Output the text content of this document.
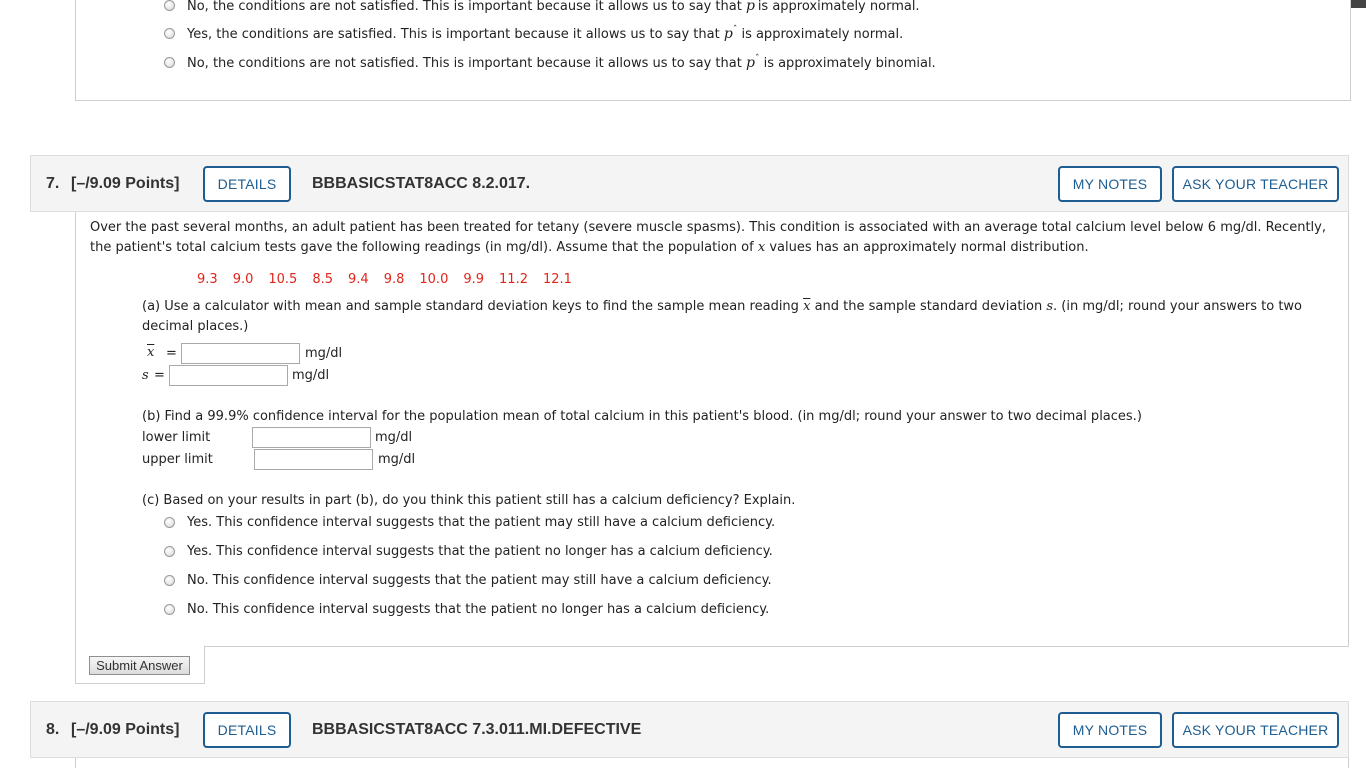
No, the conditions are not satisfied. This is important because it allows us to say that p is approximately normal.
Yes, the conditions are satisfied. This is important because it allows us to say that $p^ˆ$ is approximately normal.
No, the conditions are not satisfied. This is important because it allows us to say that $p^ˆ$ is approximately binomial.
7. [–/9.09 Points]	DETAILS	BBBASICSTAT8ACC 8.2.017.	MY NOTES	ASK YOUR TEACHER
Over the past several months, an adult patient has been treated for tetany (severe muscle spasms). This condition is associated with an average total calcium level below 6 mg/dl. Recently, the patient's total calcium tests gave the following readings (in mg/dl). Assume that the population of x values has an approximately normal distribution.
9.3 9.0 10.5 8.5 9.4 9.8 10.0 9.9 11.2 12.1
(a) Use a calculator with mean and sample standard deviation keys to find the sample mean reading $\overline{x}$ and the sample standard deviation s. (in mg/dl; round your answers to two decimal places.)
$\overline{x}$ =	mg/dl
s =	mg/dl
(b) Find a 99.9% confidence interval for the population mean of total calcium in this patient's blood. (in mg/dl; round your answer to two decimal places.)
lower limit	mg/dl
upper limit	mg/dl
(c) Based on your results in part (b), do you think this patient still has a calcium deficiency? Explain.
Yes. This confidence interval suggests that the patient may still have a calcium deficiency.
Yes. This confidence interval suggests that the patient no longer has a calcium deficiency.
No. This confidence interval suggests that the patient may still have a calcium deficiency.
No. This confidence interval suggests that the patient no longer has a calcium deficiency.
Submit Answer
8. [–/9.09 Points]	DETAILS	BBBASICSTAT8ACC 7.3.011.MI.DEFECTIVE	MY NOTES	ASK YOUR TEACHER
